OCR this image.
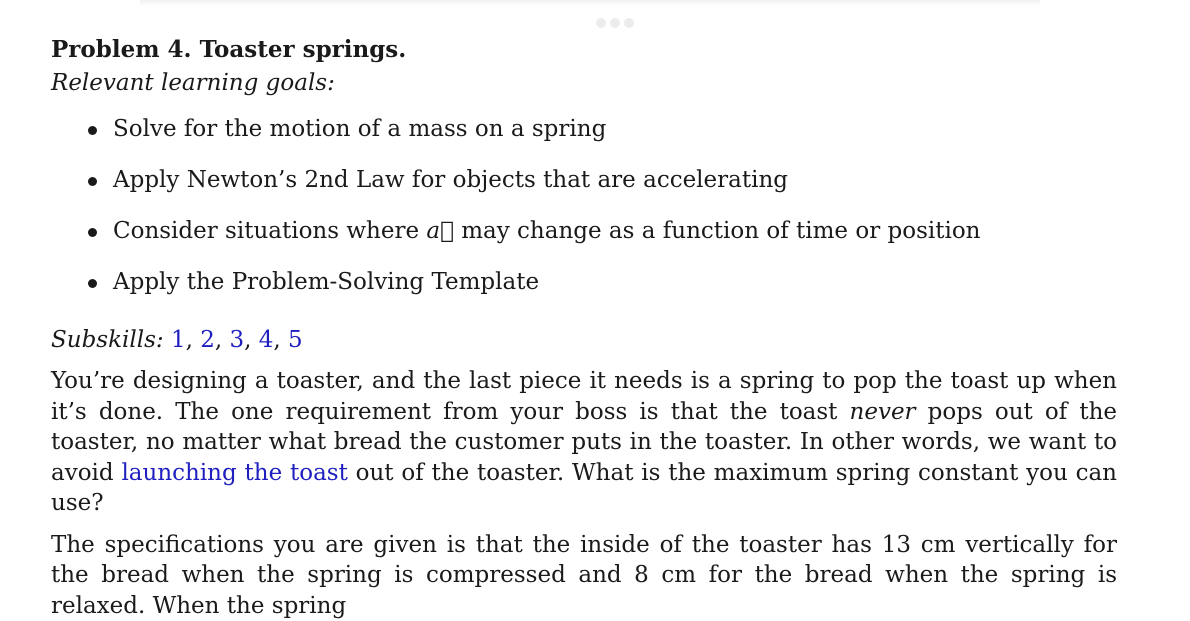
Problem 4. Toaster springs.

Relevant learning goals:

Solve for the motion of a mass on a spring
Apply Newton’s 2nd Law for objects that are accelerating
Consider situations where a⃗ may change as a function of time or position
Apply the Problem-Solving Template

Subskills: 1, 2, 3, 4, 5

You’re designing a toaster, and the last piece it needs is a spring to pop the toast up when it’s done. The one requirement from your boss is that the toast never pops out of the toaster, no matter what bread the customer puts in the toaster. In other words, we want to avoid launching the toast out of the toaster. What is the maximum spring constant you can use?

The specifications you are given is that the inside of the toaster has 13 cm vertically for the bread when the spring is compressed and 8 cm for the bread when the spring is relaxed. When the spring
